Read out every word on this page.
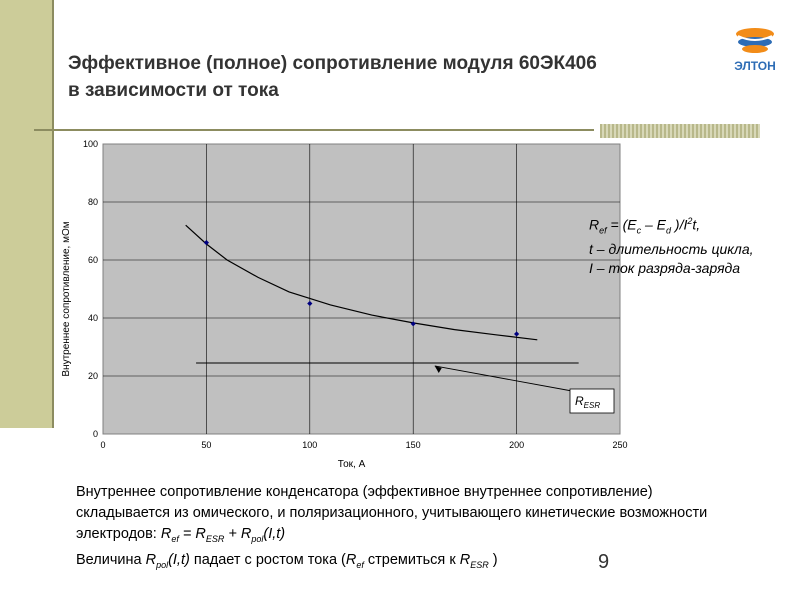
Эффективное (полное) сопротивление модуля 60ЭК406
в зависимости от тока
ЭЛТОН
0	50	100	150	200	250
0
20
40
60
80
100
Ток, А
Внутреннее сопротивление, мОм
$R_{ESR}$
$R_{ef} = (E_c - E_d$ )$/I^2t$,
t – длительность цикла,
I – ток разряда-заряда

Внутреннее сопротивление конденсатора (эффективное внутреннее сопротивление) складывается из омического, и поляризационного, учитывающего кинетические возможности электродов: $R_{ef} = R_{ESR} + R_{pol}(I,t)$

Величина $R_{pol}(I,t)$ падает с ростом тока ($R_{ef}$ стремиться к $R_{ESR}$ )	9
